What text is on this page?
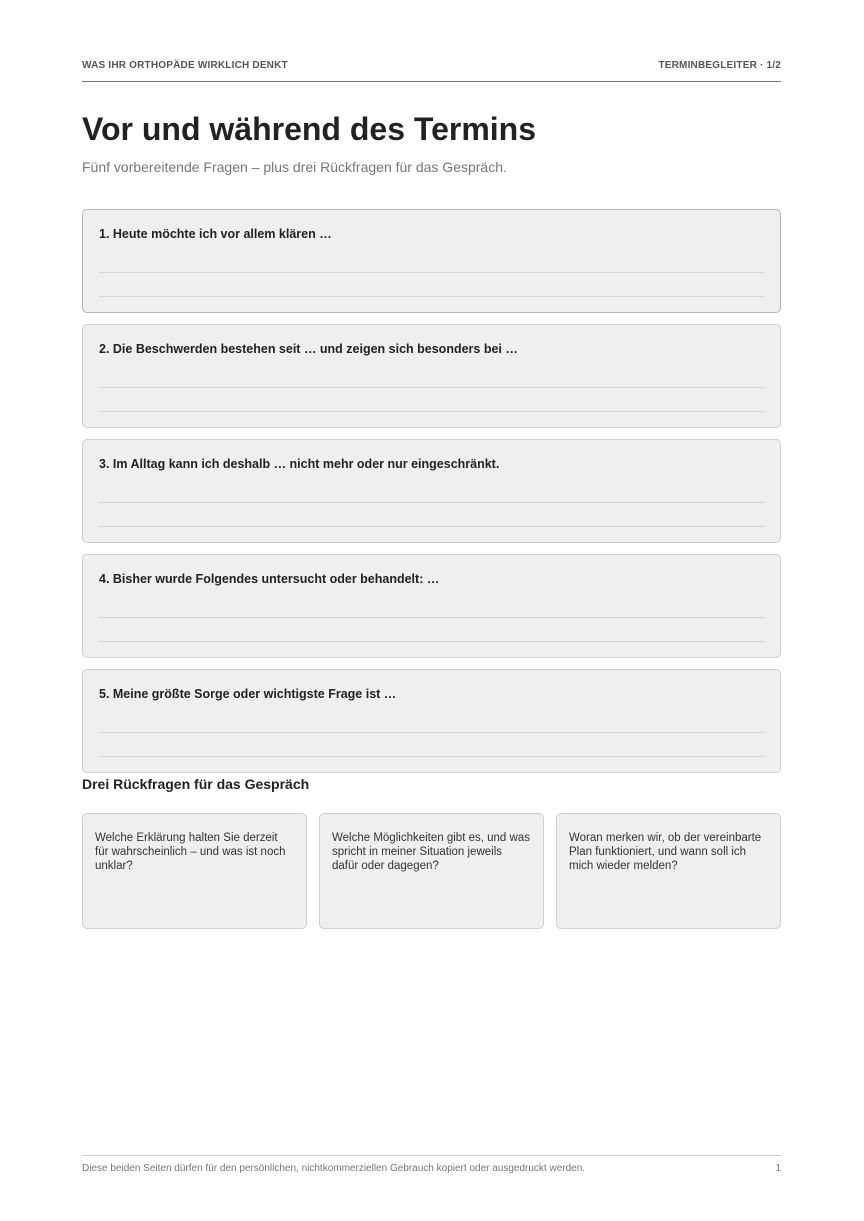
WAS IHR ORTHOPÄDE WIRKLICH DENKT	TERMINBEGLEITER · 1/2
Vor und während des Termins

Fünf vorbereitende Fragen – plus drei Rückfragen für das Gespräch.

1. Heute möchte ich vor allem klären …
2. Die Beschwerden bestehen seit … und zeigen sich besonders bei …
3. Im Alltag kann ich deshalb … nicht mehr oder nur eingeschränkt.
4. Bisher wurde Folgendes untersucht oder behandelt: …
5. Meine größte Sorge oder wichtigste Frage ist …
Drei Rückfragen für das Gespräch
Welche Erklärung halten Sie derzeit für wahrscheinlich – und was ist noch unklar?
Welche Möglichkeiten gibt es, und was spricht in meiner Situation jeweils dafür oder dagegen?
Woran merken wir, ob der vereinbarte Plan funktioniert, und wann soll ich mich wieder melden?
Diese beiden Seiten dürfen für den persönlichen, nichtkommerziellen Gebrauch kopiert oder ausgedruckt werden.	1
